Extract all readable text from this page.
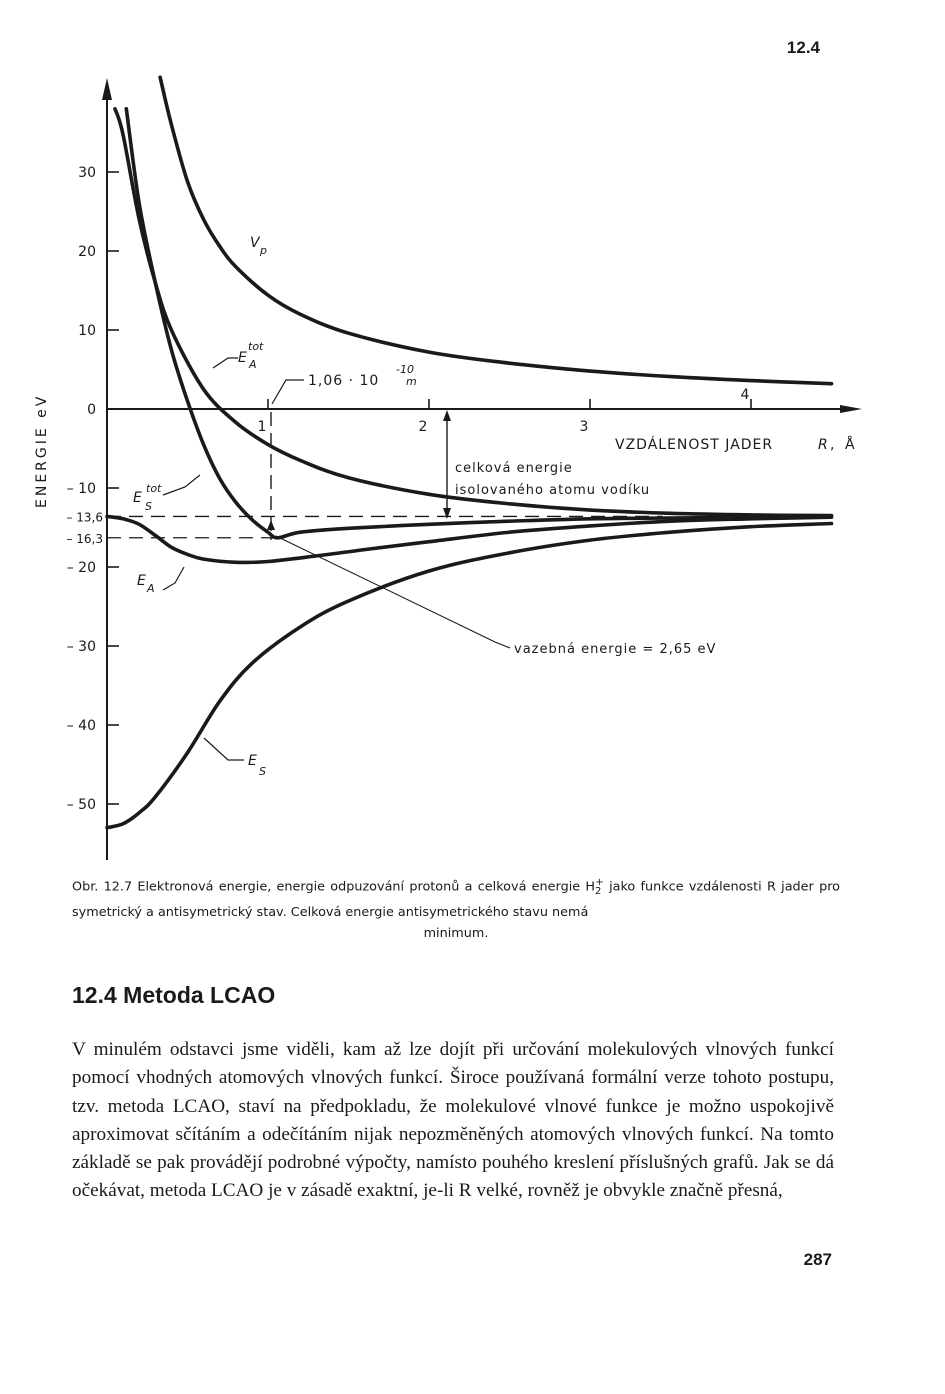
12.4
30
20
10
0
– 10
– 13,6
– 16,3
– 20
– 30
– 40
– 50
1	2	3
4
ENERGIE eV	VZDÁLENOST JADER	R , Å
V p
E
tot
A
E
tot
S
E A
E
S
1,06 · 10
-10
m
celková energie
isolovaného atomu vodíku
vazebná energie = 2,65 eV
Obr. 12.7 Elektronová energie, energie odpuzování protonů a celková energie $H_2^+$ jako funkce vzdálenosti R jader pro symetrický a antisymetrický stav. Celková energie antisymetrického stavu nemá
minimum.
12.4 Metoda LCAO
V minulém odstavci jsme viděli, kam až lze dojít při určování molekulových vlnových funkcí pomocí vhodných atomových vlnových funkcí. Široce používaná formální verze tohoto postupu, tzv. metoda LCAO, staví na předpokladu, že molekulové vlnové funkce je možno uspokojivě aproximovat sčítáním a odečítáním nijak nepozměněných atomových vlnových funkcí. Na tomto základě se pak provádějí podrobné výpočty, namísto pouhého kreslení příslušných grafů. Jak se dá očekávat, metoda LCAO je v zásadě exaktní, je-li R velké, rovněž je obvykle značně přesná,
287
